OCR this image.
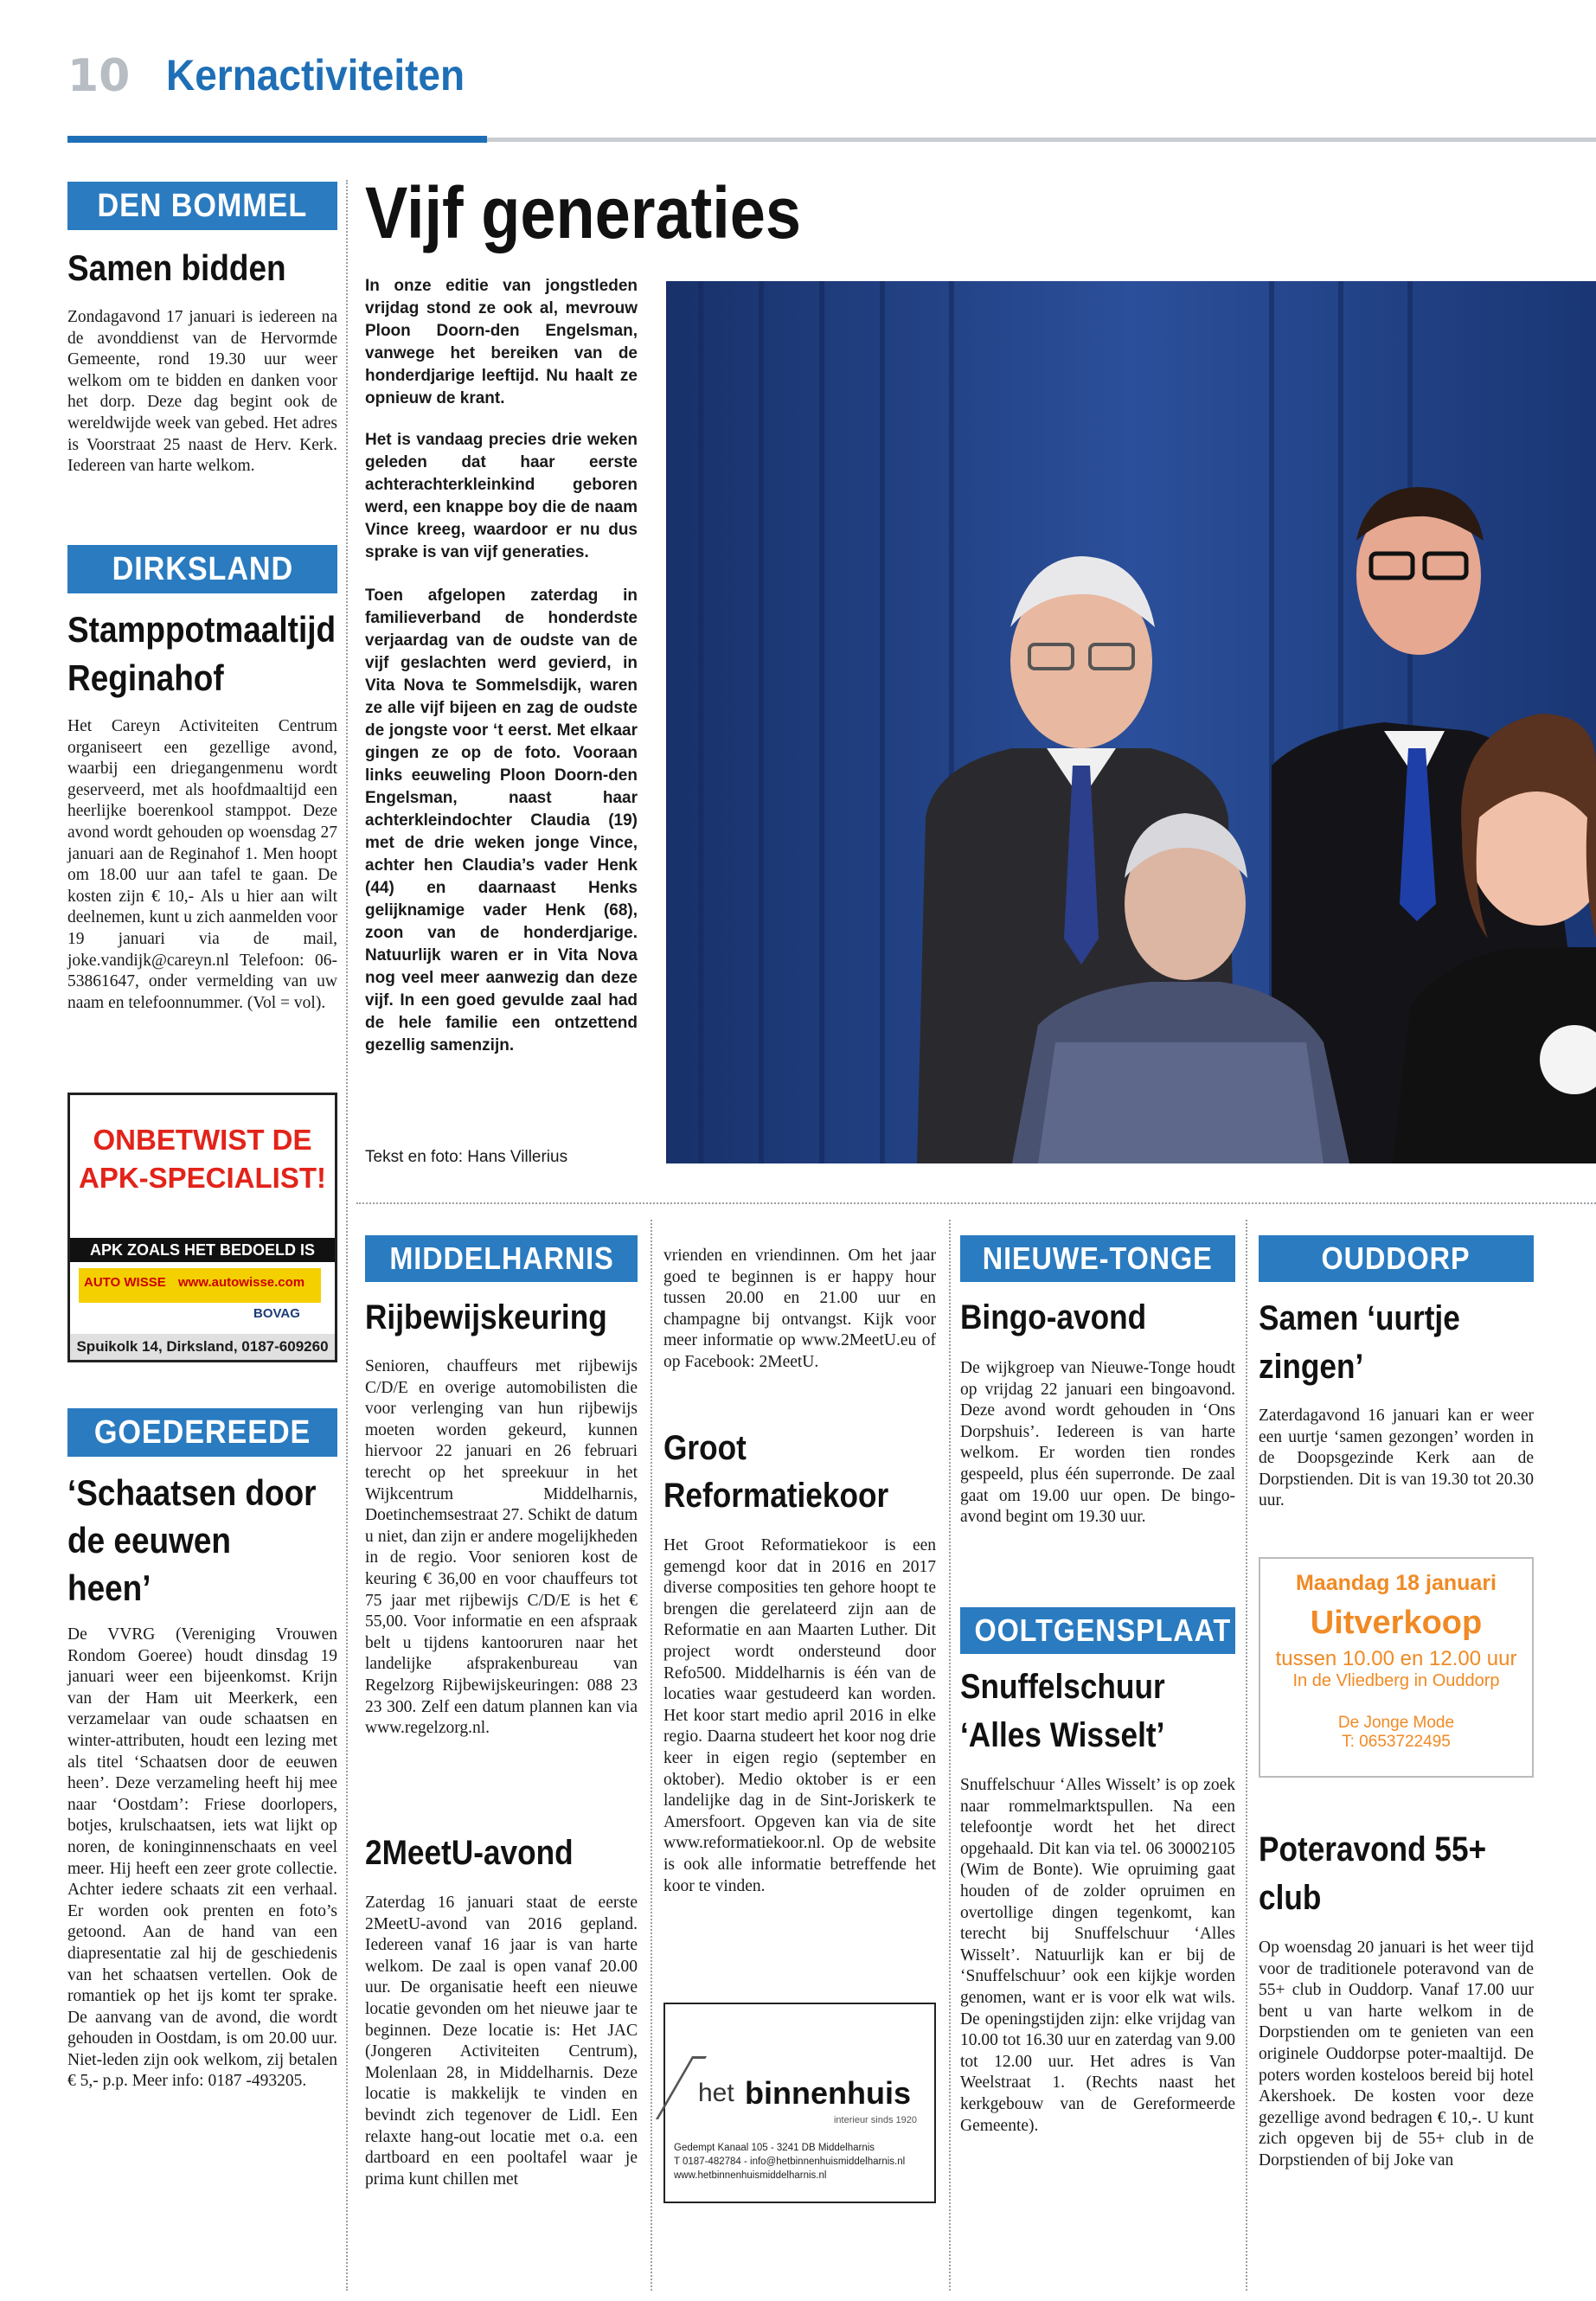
10 Kernactiviteiten
DEN BOMMEL
Samen bidden
Zondagavond 17 januari is iedereen na de avonddienst van de Hervormde Gemeente, rond 19.30 uur weer welkom om te bidden en danken voor het dorp. Deze dag begint ook de wereldwijde week van gebed. Het adres is Voorstraat 25 naast de Herv. Kerk. Iedereen van harte welkom.
DIRKSLAND
Stamppotmaaltijd Reginahof
Het Careyn Activiteiten Centrum organiseert een gezellige avond, waarbij een driegangenmenu wordt geserveerd, met als hoofdmaaltijd een heerlijke boerenkool stamppot. Deze avond wordt gehouden op woensdag 27 januari aan de Reginahof 1. Men hoopt om 18.00 uur aan tafel te gaan. De kosten zijn € 10,- Als u hier aan wilt deelnemen, kunt u zich aanmelden voor 19 januari via de mail, joke.vandijk@careyn.nl Telefoon: 06-53861647, onder vermelding van uw naam en telefoonnummer. (Vol = vol).
ONBETWIST DE APK-SPECIALIST!
APK ZOALS HET BEDOELD IS
AUTO WISSE www.autowisse.com
BOVAG
Spuikolk 14, Dirksland, 0187-609260
GOEDEREEDE
‘Schaatsen door de eeuwen heen’
De VVRG (Vereniging Vrouwen Rondom Goeree) houdt dinsdag 19 januari weer een bijeenkomst. Krijn van der Ham uit Meerkerk, een verzamelaar van oude schaatsen en winter-attributen, houdt een lezing met als titel ‘Schaatsen door de eeuwen heen’. Deze verzameling heeft hij mee naar ‘Oostdam’: Friese doorlopers, botjes, krulschaatsen, iets wat lijkt op noren, de koninginnenschaats en veel meer. Hij heeft een zeer grote collectie. Achter iedere schaats zit een verhaal. Er worden ook prenten en foto’s getoond. Aan de hand van een diapresentatie zal hij de geschiedenis van het schaatsen vertellen. Ook de romantiek op het ijs komt ter sprake. De aanvang van de avond, die wordt gehouden in Oostdam, is om 20.00 uur. Niet-leden zijn ook welkom, zij betalen € 5,- p.p. Meer info: 0187 -493205.
Vijf generaties
In onze editie van jongstleden vrijdag stond ze ook al, mevrouw Ploon Doorn-den Engelsman, vanwege het bereiken van de honderdjarige leeftijd. Nu haalt ze opnieuw de krant.
Het is vandaag precies drie weken geleden dat haar eerste achterachterkleinkind geboren werd, een knappe boy die de naam Vince kreeg, waardoor er nu dus sprake is van vijf generaties.
Toen afgelopen zaterdag in familieverband de honderdste verjaardag van de oudste van de vijf geslachten werd gevierd, in Vita Nova te Sommelsdijk, waren ze alle vijf bijeen en zag de oudste de jongste voor ‘t eerst. Met elkaar gingen ze op de foto. Vooraan links eeuweling Ploon Doorn-den Engelsman, naast haar achterkleindochter Claudia (19) met de drie weken jonge Vince, achter hen Claudia’s vader Henk (44) en daarnaast Henks gelijknamige vader Henk (68), zoon van de honderdjarige. Natuurlijk waren er in Vita Nova nog veel meer aanwezig dan deze vijf. In een goed gevulde zaal had de hele familie een ontzettend gezellig samenzijn.
Tekst en foto: Hans Villerius
MIDDELHARNIS
Rijbewijskeuring
Senioren, chauffeurs met rijbewijs C/D/E en overige automobilisten die voor verlenging van hun rijbewijs moeten worden gekeurd, kunnen hiervoor 22 januari en 26 februari terecht op het spreekuur in het Wijkcentrum Middelharnis, Doetinchemsestraat 27. Schikt de datum u niet, dan zijn er andere mogelijkheden in de regio. Voor senioren kost de keuring € 36,00 en voor chauffeurs tot 75 jaar met rijbewijs C/D/E is het € 55,00. Voor informatie en een afspraak belt u tijdens kantooruren naar het landelijke afsprakenbureau van Regelzorg Rijbewijskeuringen: 088 23 23 300. Zelf een datum plannen kan via www.regelzorg.nl.
2MeetU-avond
Zaterdag 16 januari staat de eerste 2MeetU-avond van 2016 gepland. Iedereen vanaf 16 jaar is van harte welkom. De zaal is open vanaf 20.00 uur. De organisatie heeft een nieuwe locatie gevonden om het nieuwe jaar te beginnen. Deze locatie is: Het JAC (Jongeren Activiteiten Centrum), Molenlaan 28, in Middelharnis. Deze locatie is makkelijk te vinden en bevindt zich tegenover de Lidl. Een relaxte hang-out locatie met o.a. een dartboard en een pooltafel waar je prima kunt chillen met
vrienden en vriendinnen. Om het jaar goed te beginnen is er happy hour tussen 20.00 en 21.00 uur en champagne bij ontvangst. Kijk voor meer informatie op www.2MeetU.eu of op Facebook: 2MeetU.
Groot Reformatiekoor
Het Groot Reformatiekoor is een gemengd koor dat in 2016 en 2017 diverse composities ten gehore hoopt te brengen die gerelateerd zijn aan de Reformatie en aan Maarten Luther. Dit project wordt ondersteund door Refo500. Middelharnis is één van de locaties waar gestudeerd kan worden. Het koor start medio april 2016 in elke regio. Daarna studeert het koor nog drie keer in eigen regio (september en oktober). Medio oktober is er een landelijke dag in de Sint-Joriskerk te Amersfoort. Opgeven kan via de site www.reformatiekoor.nl. Op de website is ook alle informatie betreffende het koor te vinden.
het binnenhuis
interieur sinds 1920
Gedempt Kanaal 105 - 3241 DB Middelharnis
T 0187-482784 - info@hetbinnenhuismiddelharnis.nl
www.hetbinnenhuismiddelharnis.nl
NIEUWE-TONGE
Bingo-avond
De wijkgroep van Nieuwe-Tonge houdt op vrijdag 22 januari een bingoavond. Deze avond wordt gehouden in ‘Ons Dorpshuis’. Iedereen is van harte welkom. Er worden tien rondes gespeeld, plus één superronde. De zaal gaat om 19.00 uur open. De bingo-avond begint om 19.30 uur.
OOLTGENSPLAAT
Snuffelschuur ‘Alles Wisselt’
Snuffelschuur ‘Alles Wisselt’ is op zoek naar rommelmarktspullen. Na een telefoontje wordt het het direct opgehaald. Dit kan via tel. 06 30002105 (Wim de Bonte). Wie opruiming gaat houden of de zolder opruimen en overtollige dingen tegenkomt, kan terecht bij Snuffelschuur ‘Alles Wisselt’. Natuurlijk kan er bij de ‘Snuffelschuur’ ook een kijkje worden genomen, want er is voor elk wat wils. De openingstijden zijn: elke vrijdag van 10.00 tot 16.30 uur en zaterdag van 9.00 tot 12.00 uur. Het adres is Van Weelstraat 1. (Rechts naast het kerkgebouw van de Gereformeerde Gemeente).
OUDDORP
Samen ‘uurtje zingen’
Zaterdagavond 16 januari kan er weer een uurtje ‘samen gezongen’ worden in de Doopsgezinde Kerk aan de Dorpstienden. Dit is van 19.30 tot 20.30 uur.
Maandag 18 januari
Uitverkoop
tussen 10.00 en 12.00 uur
In de Vliedberg in Ouddorp
De Jonge Mode
T: 0653722495
Poteravond 55+ club
Op woensdag 20 januari is het weer tijd voor de traditionele poteravond van de 55+ club in Ouddorp. Vanaf 17.00 uur bent u van harte welkom in de Dorpstienden om te genieten van een originele Ouddorpse poter-maaltijd. De poters worden kosteloos bereid bij hotel Akershoek. De kosten voor deze gezellige avond bedragen € 10,-. U kunt zich opgeven bij de 55+ club in de Dorpstienden of bij Joke van
